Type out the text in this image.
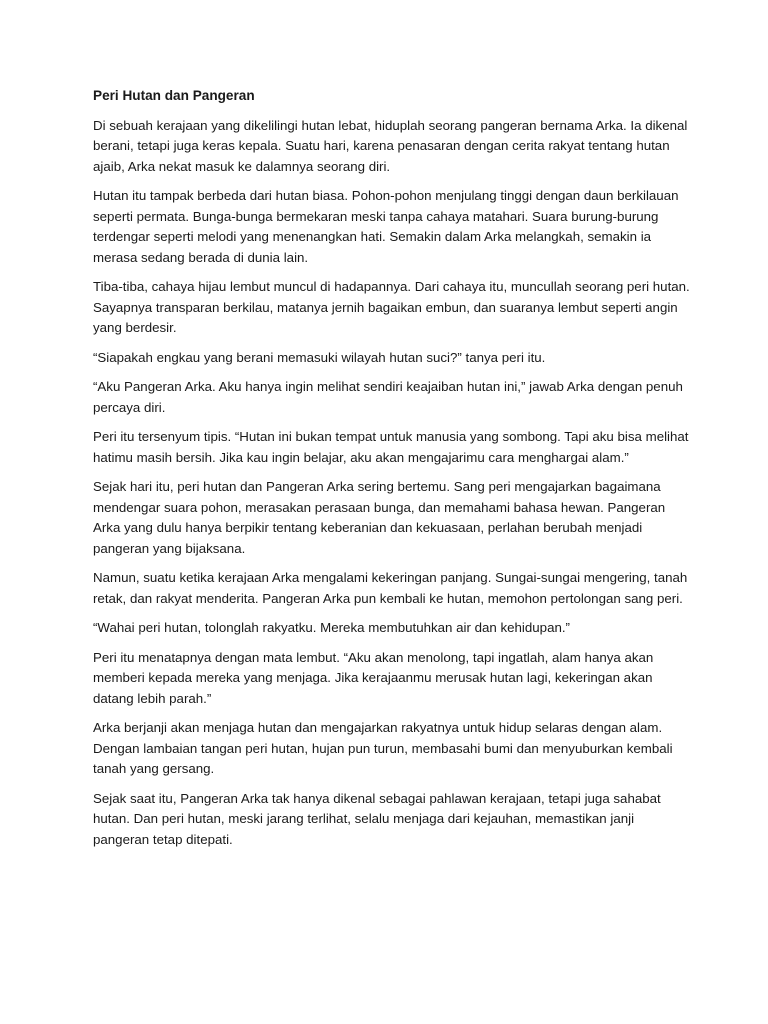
Peri Hutan dan Pangeran

Di sebuah kerajaan yang dikelilingi hutan lebat, hiduplah seorang pangeran bernama Arka. Ia dikenal berani, tetapi juga keras kepala. Suatu hari, karena penasaran dengan cerita rakyat tentang hutan ajaib, Arka nekat masuk ke dalamnya seorang diri.

Hutan itu tampak berbeda dari hutan biasa. Pohon-pohon menjulang tinggi dengan daun berkilauan seperti permata. Bunga-bunga bermekaran meski tanpa cahaya matahari. Suara burung-burung terdengar seperti melodi yang menenangkan hati. Semakin dalam Arka melangkah, semakin ia merasa sedang berada di dunia lain.

Tiba-tiba, cahaya hijau lembut muncul di hadapannya. Dari cahaya itu, muncullah seorang peri hutan. Sayapnya transparan berkilau, matanya jernih bagaikan embun, dan suaranya lembut seperti angin yang berdesir.

“Siapakah engkau yang berani memasuki wilayah hutan suci?” tanya peri itu.

“Aku Pangeran Arka. Aku hanya ingin melihat sendiri keajaiban hutan ini,” jawab Arka dengan penuh percaya diri.

Peri itu tersenyum tipis. “Hutan ini bukan tempat untuk manusia yang sombong. Tapi aku bisa melihat hatimu masih bersih. Jika kau ingin belajar, aku akan mengajarimu cara menghargai alam.”

Sejak hari itu, peri hutan dan Pangeran Arka sering bertemu. Sang peri mengajarkan bagaimana mendengar suara pohon, merasakan perasaan bunga, dan memahami bahasa hewan. Pangeran Arka yang dulu hanya berpikir tentang keberanian dan kekuasaan, perlahan berubah menjadi pangeran yang bijaksana.

Namun, suatu ketika kerajaan Arka mengalami kekeringan panjang. Sungai-sungai mengering, tanah retak, dan rakyat menderita. Pangeran Arka pun kembali ke hutan, memohon pertolongan sang peri.

“Wahai peri hutan, tolonglah rakyatku. Mereka membutuhkan air dan kehidupan.”

Peri itu menatapnya dengan mata lembut. “Aku akan menolong, tapi ingatlah, alam hanya akan memberi kepada mereka yang menjaga. Jika kerajaanmu merusak hutan lagi, kekeringan akan datang lebih parah.”

Arka berjanji akan menjaga hutan dan mengajarkan rakyatnya untuk hidup selaras dengan alam. Dengan lambaian tangan peri hutan, hujan pun turun, membasahi bumi dan menyuburkan kembali tanah yang gersang.

Sejak saat itu, Pangeran Arka tak hanya dikenal sebagai pahlawan kerajaan, tetapi juga sahabat hutan. Dan peri hutan, meski jarang terlihat, selalu menjaga dari kejauhan, memastikan janji pangeran tetap ditepati.
